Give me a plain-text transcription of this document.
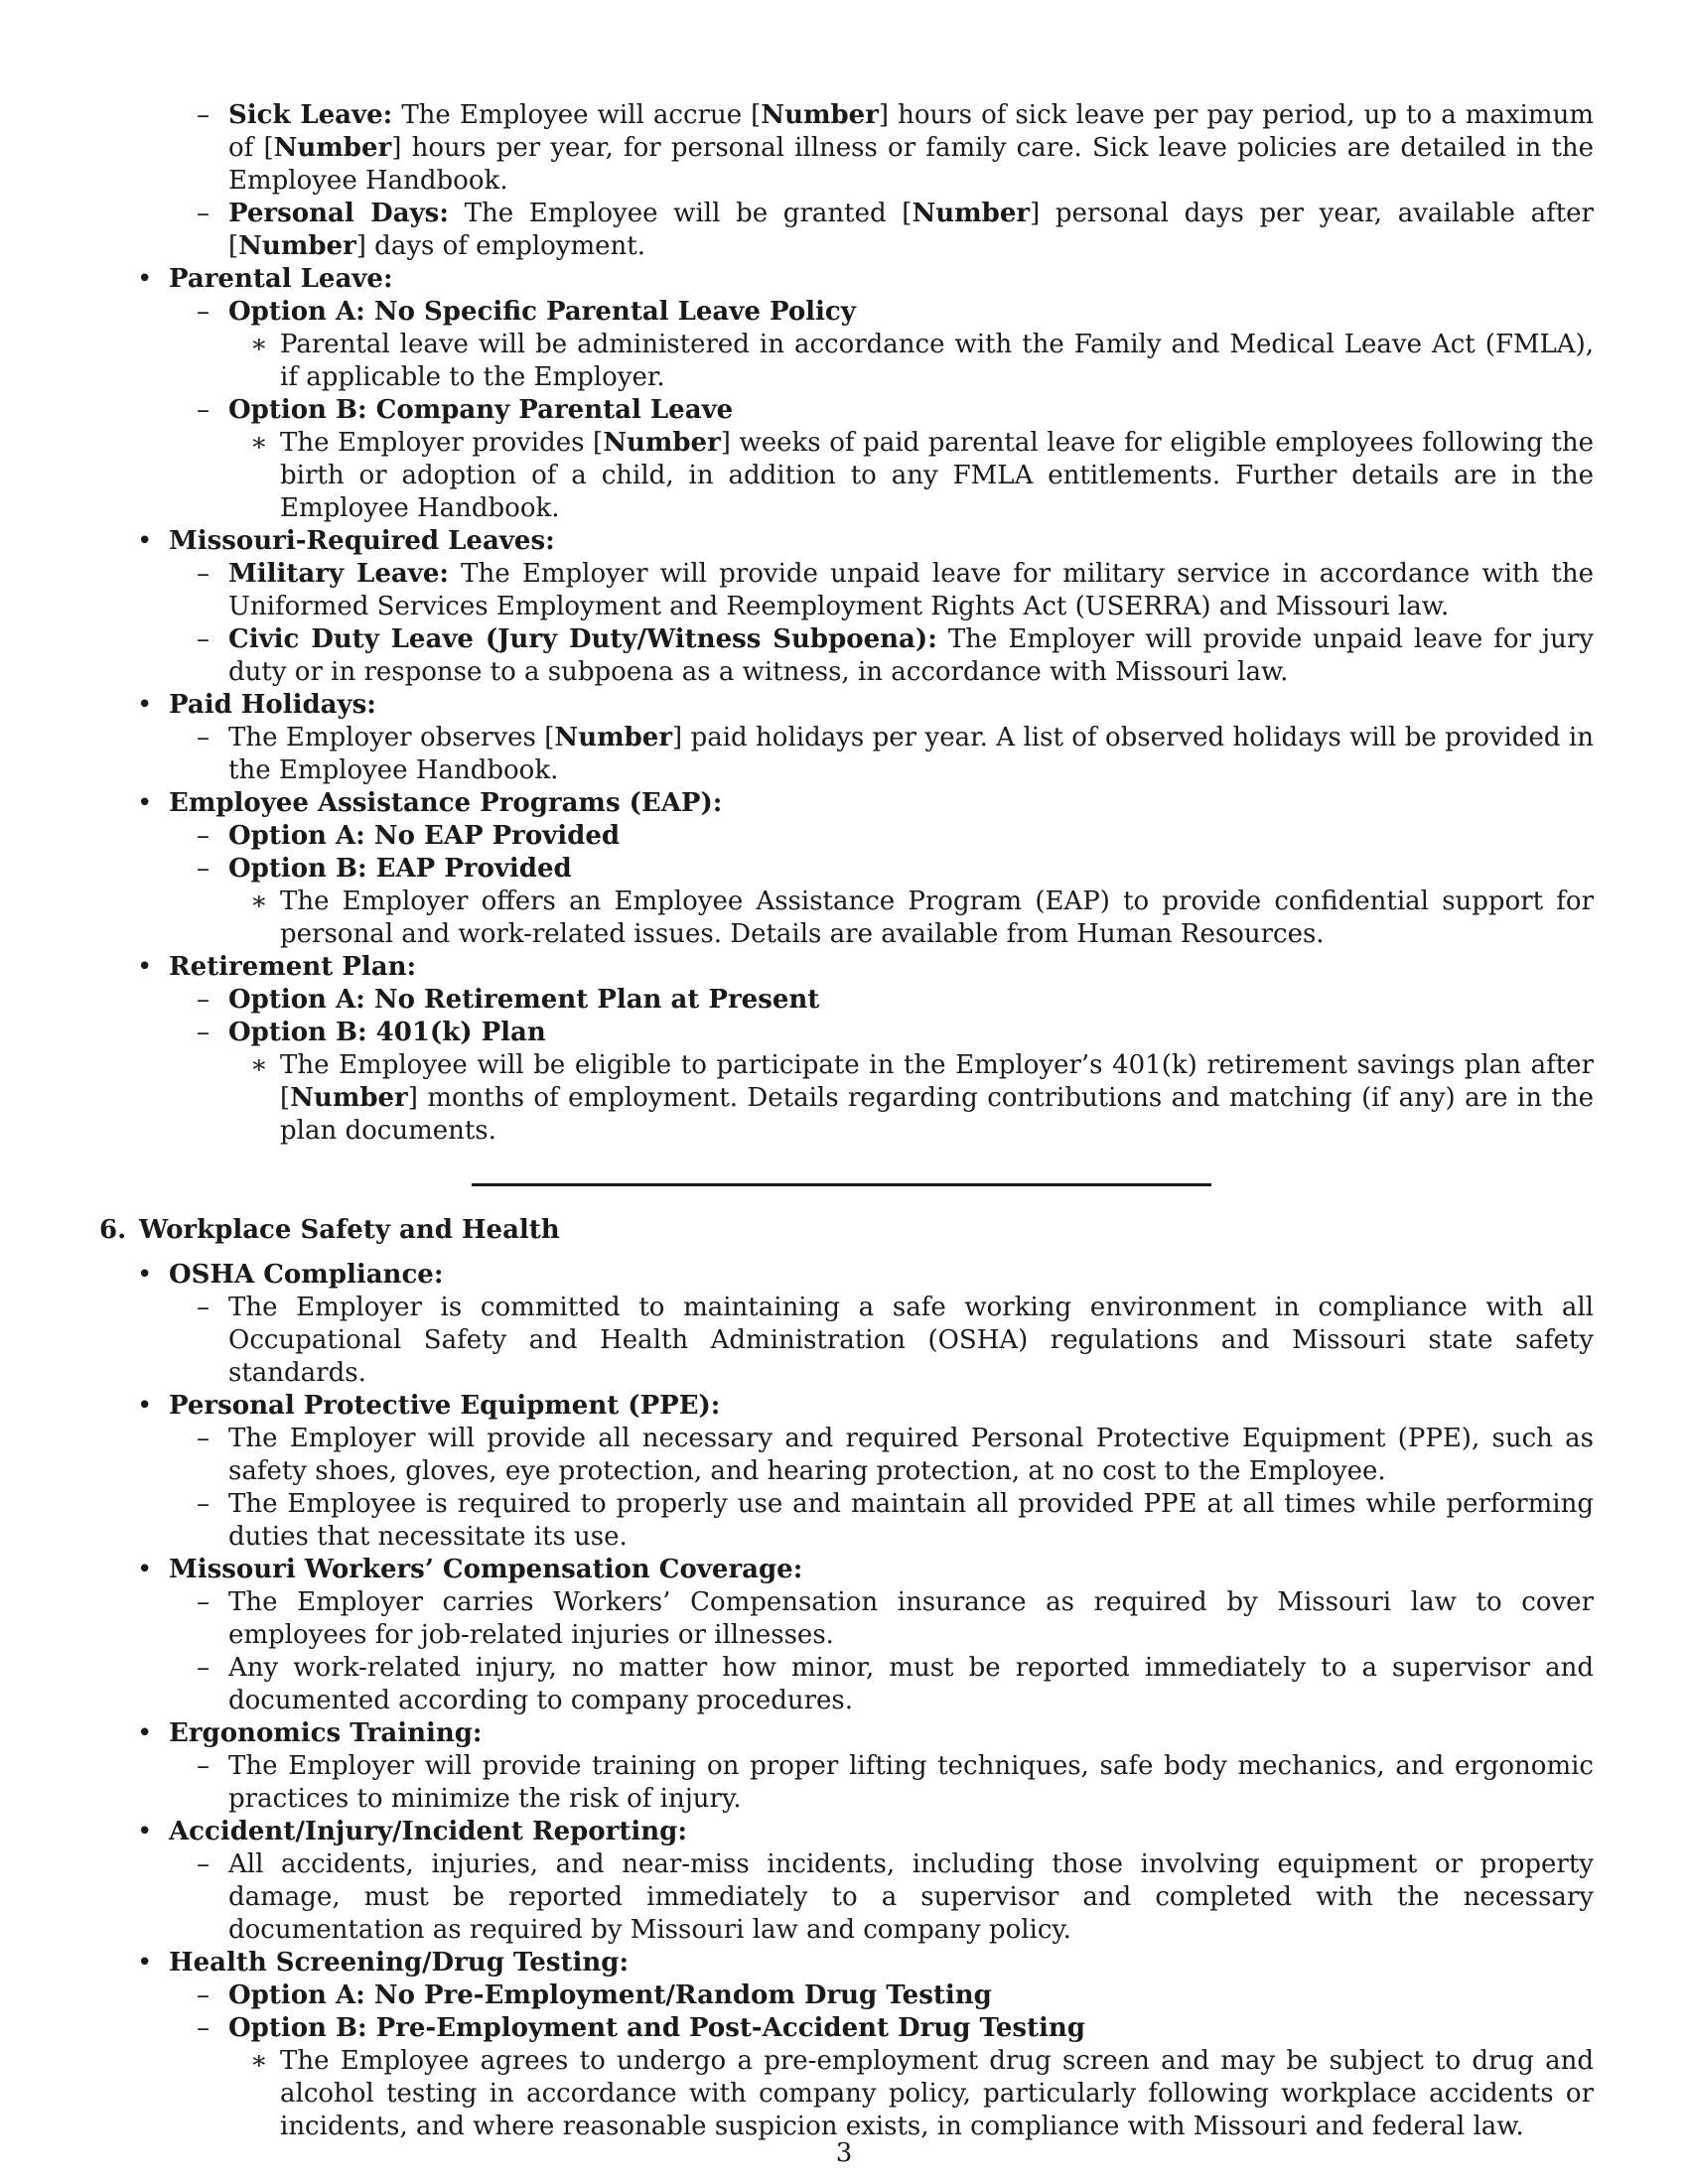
– Sick Leave: The Employee will accrue [Number] hours of sick leave per pay period, up to a maximum of [Number] hours per year, for personal illness or family care. Sick leave policies are detailed in the Employee Handbook.
– Personal Days: The Employee will be granted [Number] personal days per year, available after [Number] days of employment.
• Parental Leave:
– Option A: No Specific Parental Leave Policy
∗ Parental leave will be administered in accordance with the Family and Medical Leave Act (FMLA), if applicable to the Employer.
– Option B: Company Parental Leave
∗ The Employer provides [Number] weeks of paid parental leave for eligible employees following the birth or adoption of a child, in addition to any FMLA entitlements. Further details are in the Employee Handbook.
• Missouri-Required Leaves:
– Military Leave: The Employer will provide unpaid leave for military service in accordance with the Uniformed Services Employment and Reemployment Rights Act (USERRA) and Missouri law.
– Civic Duty Leave (Jury Duty/Witness Subpoena): The Employer will provide unpaid leave for jury duty or in response to a subpoena as a witness, in accordance with Missouri law.
• Paid Holidays:
– The Employer observes [Number] paid holidays per year. A list of observed holidays will be provided in the Employee Handbook.
• Employee Assistance Programs (EAP):
– Option A: No EAP Provided
– Option B: EAP Provided
∗ The Employer offers an Employee Assistance Program (EAP) to provide confidential support for personal and work-related issues. Details are available from Human Resources.
• Retirement Plan:
– Option A: No Retirement Plan at Present
– Option B: 401(k) Plan
∗ The Employee will be eligible to participate in the Employer’s 401(k) retirement savings plan after [Number] months of employment. Details regarding contributions and matching (if any) are in the plan documents.
6. Workplace Safety and Health
• OSHA Compliance:
– The Employer is committed to maintaining a safe working environment in compliance with all Occupational Safety and Health Administration (OSHA) regulations and Missouri state safety standards.
• Personal Protective Equipment (PPE):
– The Employer will provide all necessary and required Personal Protective Equipment (PPE), such as safety shoes, gloves, eye protection, and hearing protection, at no cost to the Employee.
– The Employee is required to properly use and maintain all provided PPE at all times while performing duties that necessitate its use.
• Missouri Workers’ Compensation Coverage:
– The Employer carries Workers’ Compensation insurance as required by Missouri law to cover employees for job-related injuries or illnesses.
– Any work-related injury, no matter how minor, must be reported immediately to a supervisor and documented according to company procedures.
• Ergonomics Training:
– The Employer will provide training on proper lifting techniques, safe body mechanics, and ergonomic practices to minimize the risk of injury.
• Accident/Injury/Incident Reporting:
– All accidents, injuries, and near-miss incidents, including those involving equipment or property damage, must be reported immediately to a supervisor and completed with the necessary documentation as required by Missouri law and company policy.
• Health Screening/Drug Testing:
– Option A: No Pre-Employment/Random Drug Testing
– Option B: Pre-Employment and Post-Accident Drug Testing
∗ The Employee agrees to undergo a pre-employment drug screen and may be subject to drug and alcohol testing in accordance with company policy, particularly following workplace accidents or incidents, and where reasonable suspicion exists, in compliance with Missouri and federal law.
3
